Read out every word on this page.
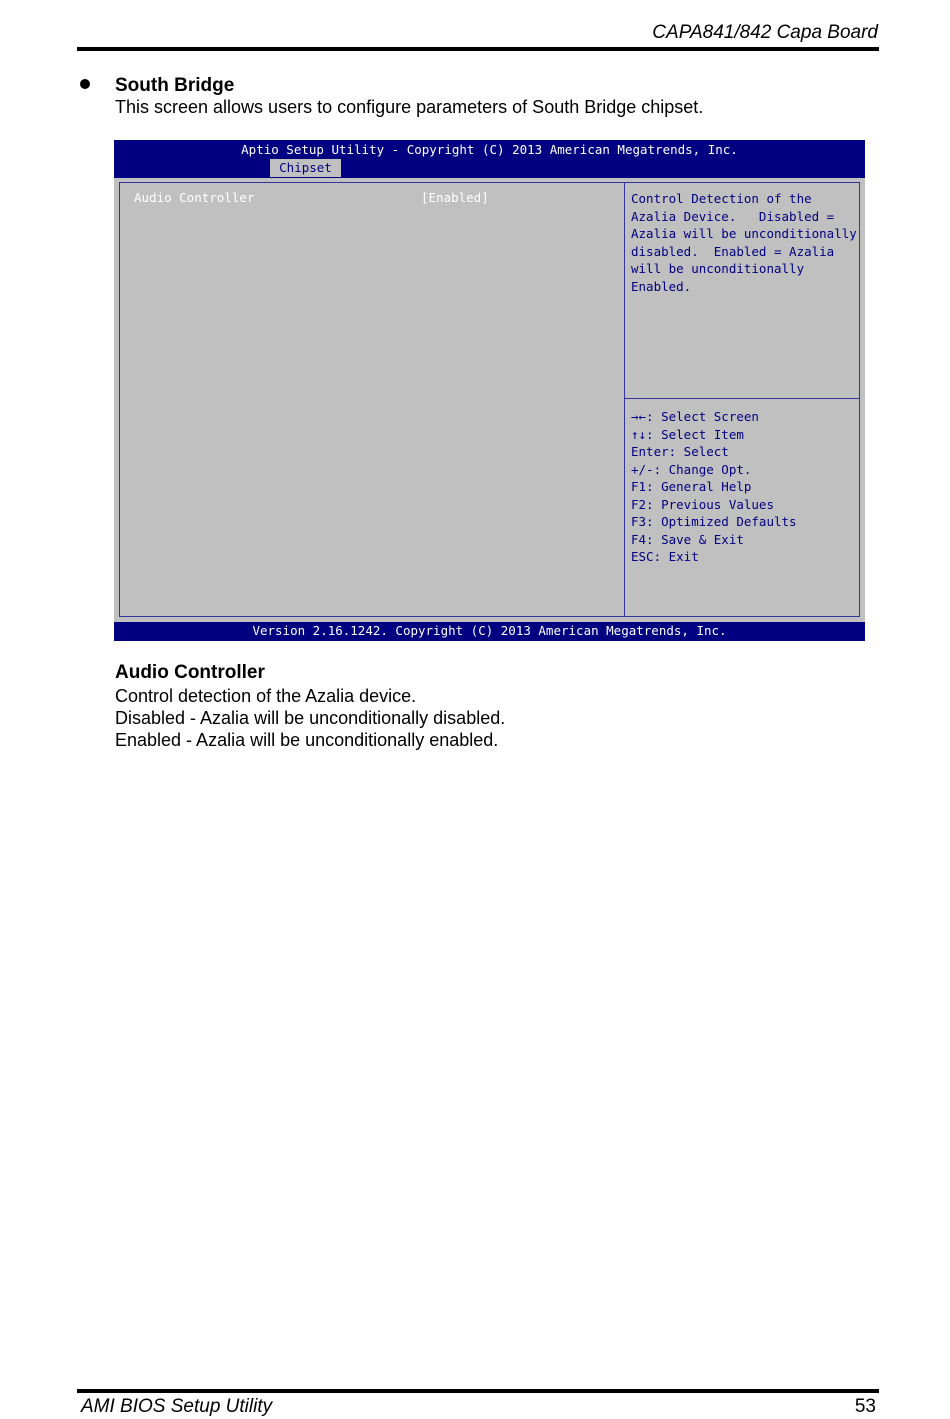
CAPA841/842 Capa Board
South Bridge
This screen allows users to configure parameters of South Bridge chipset.
Aptio Setup Utility - Copyright (C) 2013 American Megatrends, Inc.
Chipset
Audio Controller	[Enabled]	Control Detection of the
Azalia Device.   Disabled =
Azalia will be unconditionally
disabled.  Enabled = Azalia
will be unconditionally
Enabled.
→←: Select Screen
↑↓: Select Item
Enter: Select
+/-: Change Opt.
F1: General Help
F2: Previous Values
F3: Optimized Defaults
F4: Save & Exit
ESC: Exit
Version 2.16.1242. Copyright (C) 2013 American Megatrends, Inc.
Audio Controller
Control detection of the Azalia device.
Disabled - Azalia will be unconditionally disabled.
Enabled - Azalia will be unconditionally enabled.
AMI BIOS Setup Utility	53
